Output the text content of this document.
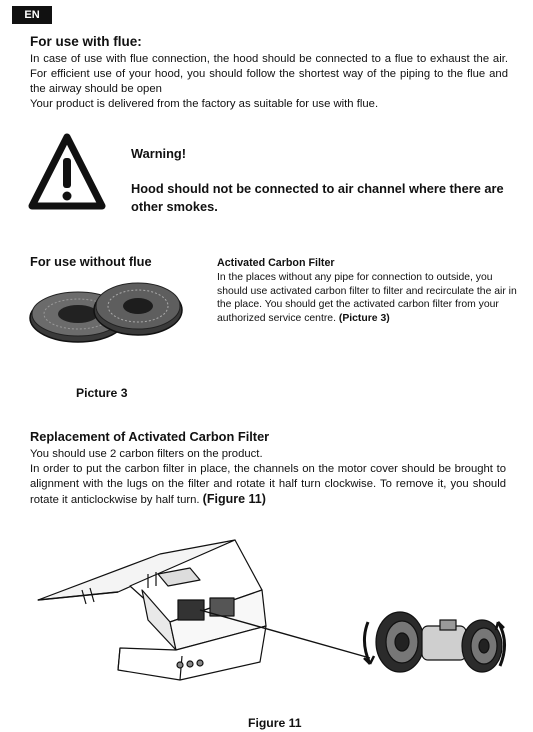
EN
For use with flue:

In case of use with flue connection, the hood should be connected to a flue to exhaust the air. For efficient use of your hood, you should follow the shortest way of the piping to the flue and the airway should be open

Your product is delivered from the factory as suitable for use with flue.

Warning!
Hood should not be connected to air channel where there are other smokes.
For use without flue	Activated Carbon Filter
In the places without any pipe for connection to outside, you should use activated carbon filter to filter and recirculate the air in the place. You should get the activated carbon filter from your authorized service centre. (Picture 3)
Picture 3
Replacement of Activated Carbon Filter

You should use 2 carbon filters on the product.

In order to put the carbon filter in place, the channels on the motor cover should be brought to alignment with the lugs on the filter and rotate it half turn clockwise. To remove it, you should rotate it anticlockwise by half turn. (Figure 11)

Figure 11
